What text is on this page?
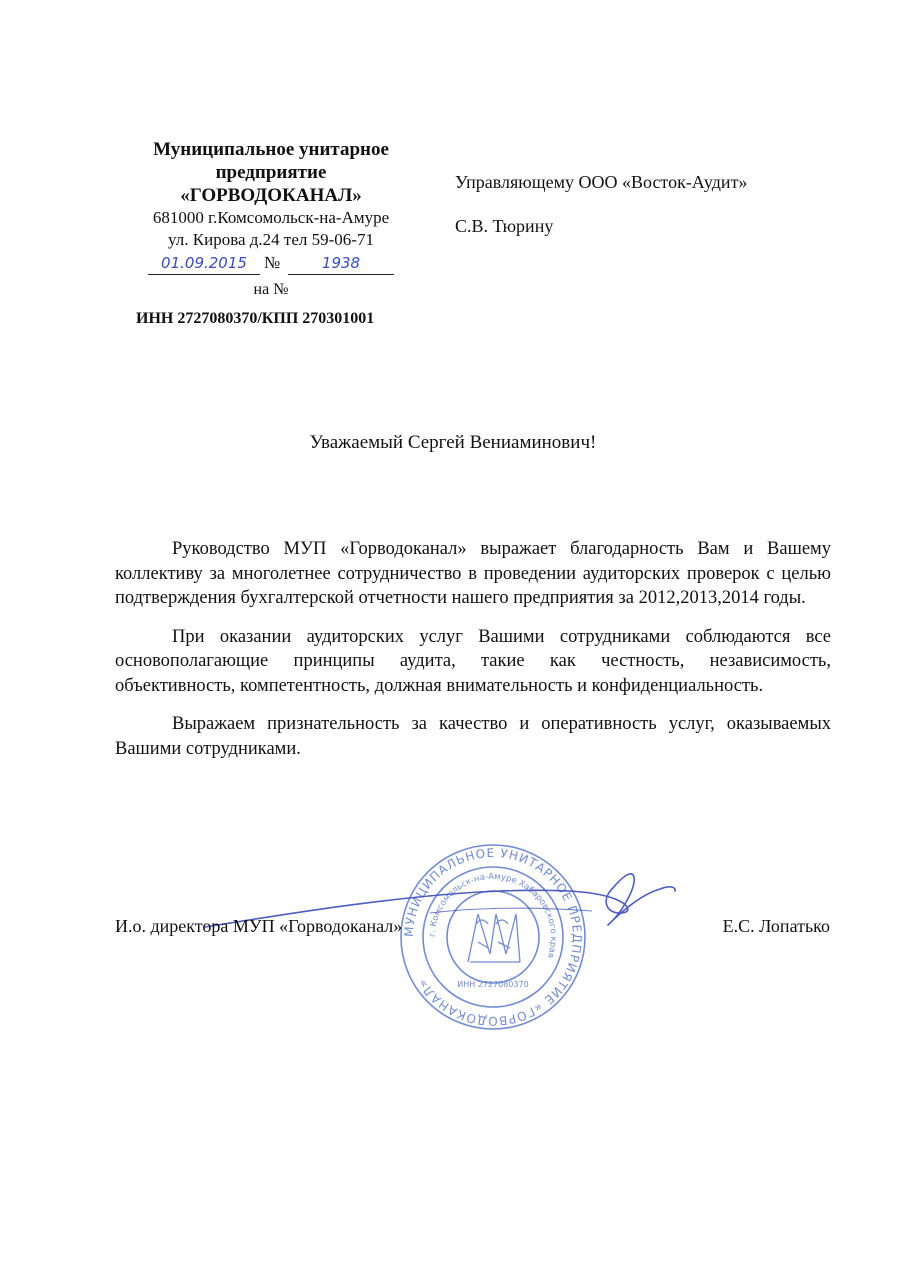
Муниципальное унитарное
предприятие
«ГОРВОДОКАНАЛ»
681000 г.Комсомольск-на-Амуре
ул. Кирова д.24 тел 59-06-71
01.09.2015	№	1938
на №
ИНН 2727080370/КПП 270301001
Управляющему ООО «Восток-Аудит»
С.В. Тюрину
Уважаемый Сергей Вениаминович!

Руководство МУП «Горводоканал» выражает благодарность Вам и Вашему коллективу за многолетнее сотрудничество в проведении аудиторских проверок с целью подтверждения бухгалтерской отчетности нашего предприятия за 2012,2013,2014 годы.

При оказании аудиторских услуг Вашими сотрудниками соблюдаются все основополагающие принципы аудита, такие как честность, независимость, объективность, компетентность, должная внимательность и конфиденциальность.

Выражаем признательность за качество и оперативность услуг, оказываемых Вашими сотрудниками.

МУНИЦИПАЛЬНОЕ УНИТАРНОЕ ПРЕДПРИЯТИЕ «ГОРВОДОКАНАЛ»
г. Комсомольск-на-Амуре Хабаровского края
ИНН 2727080370
И.о. директора МУП «Горводоканал»	Е.С. Лопатько
